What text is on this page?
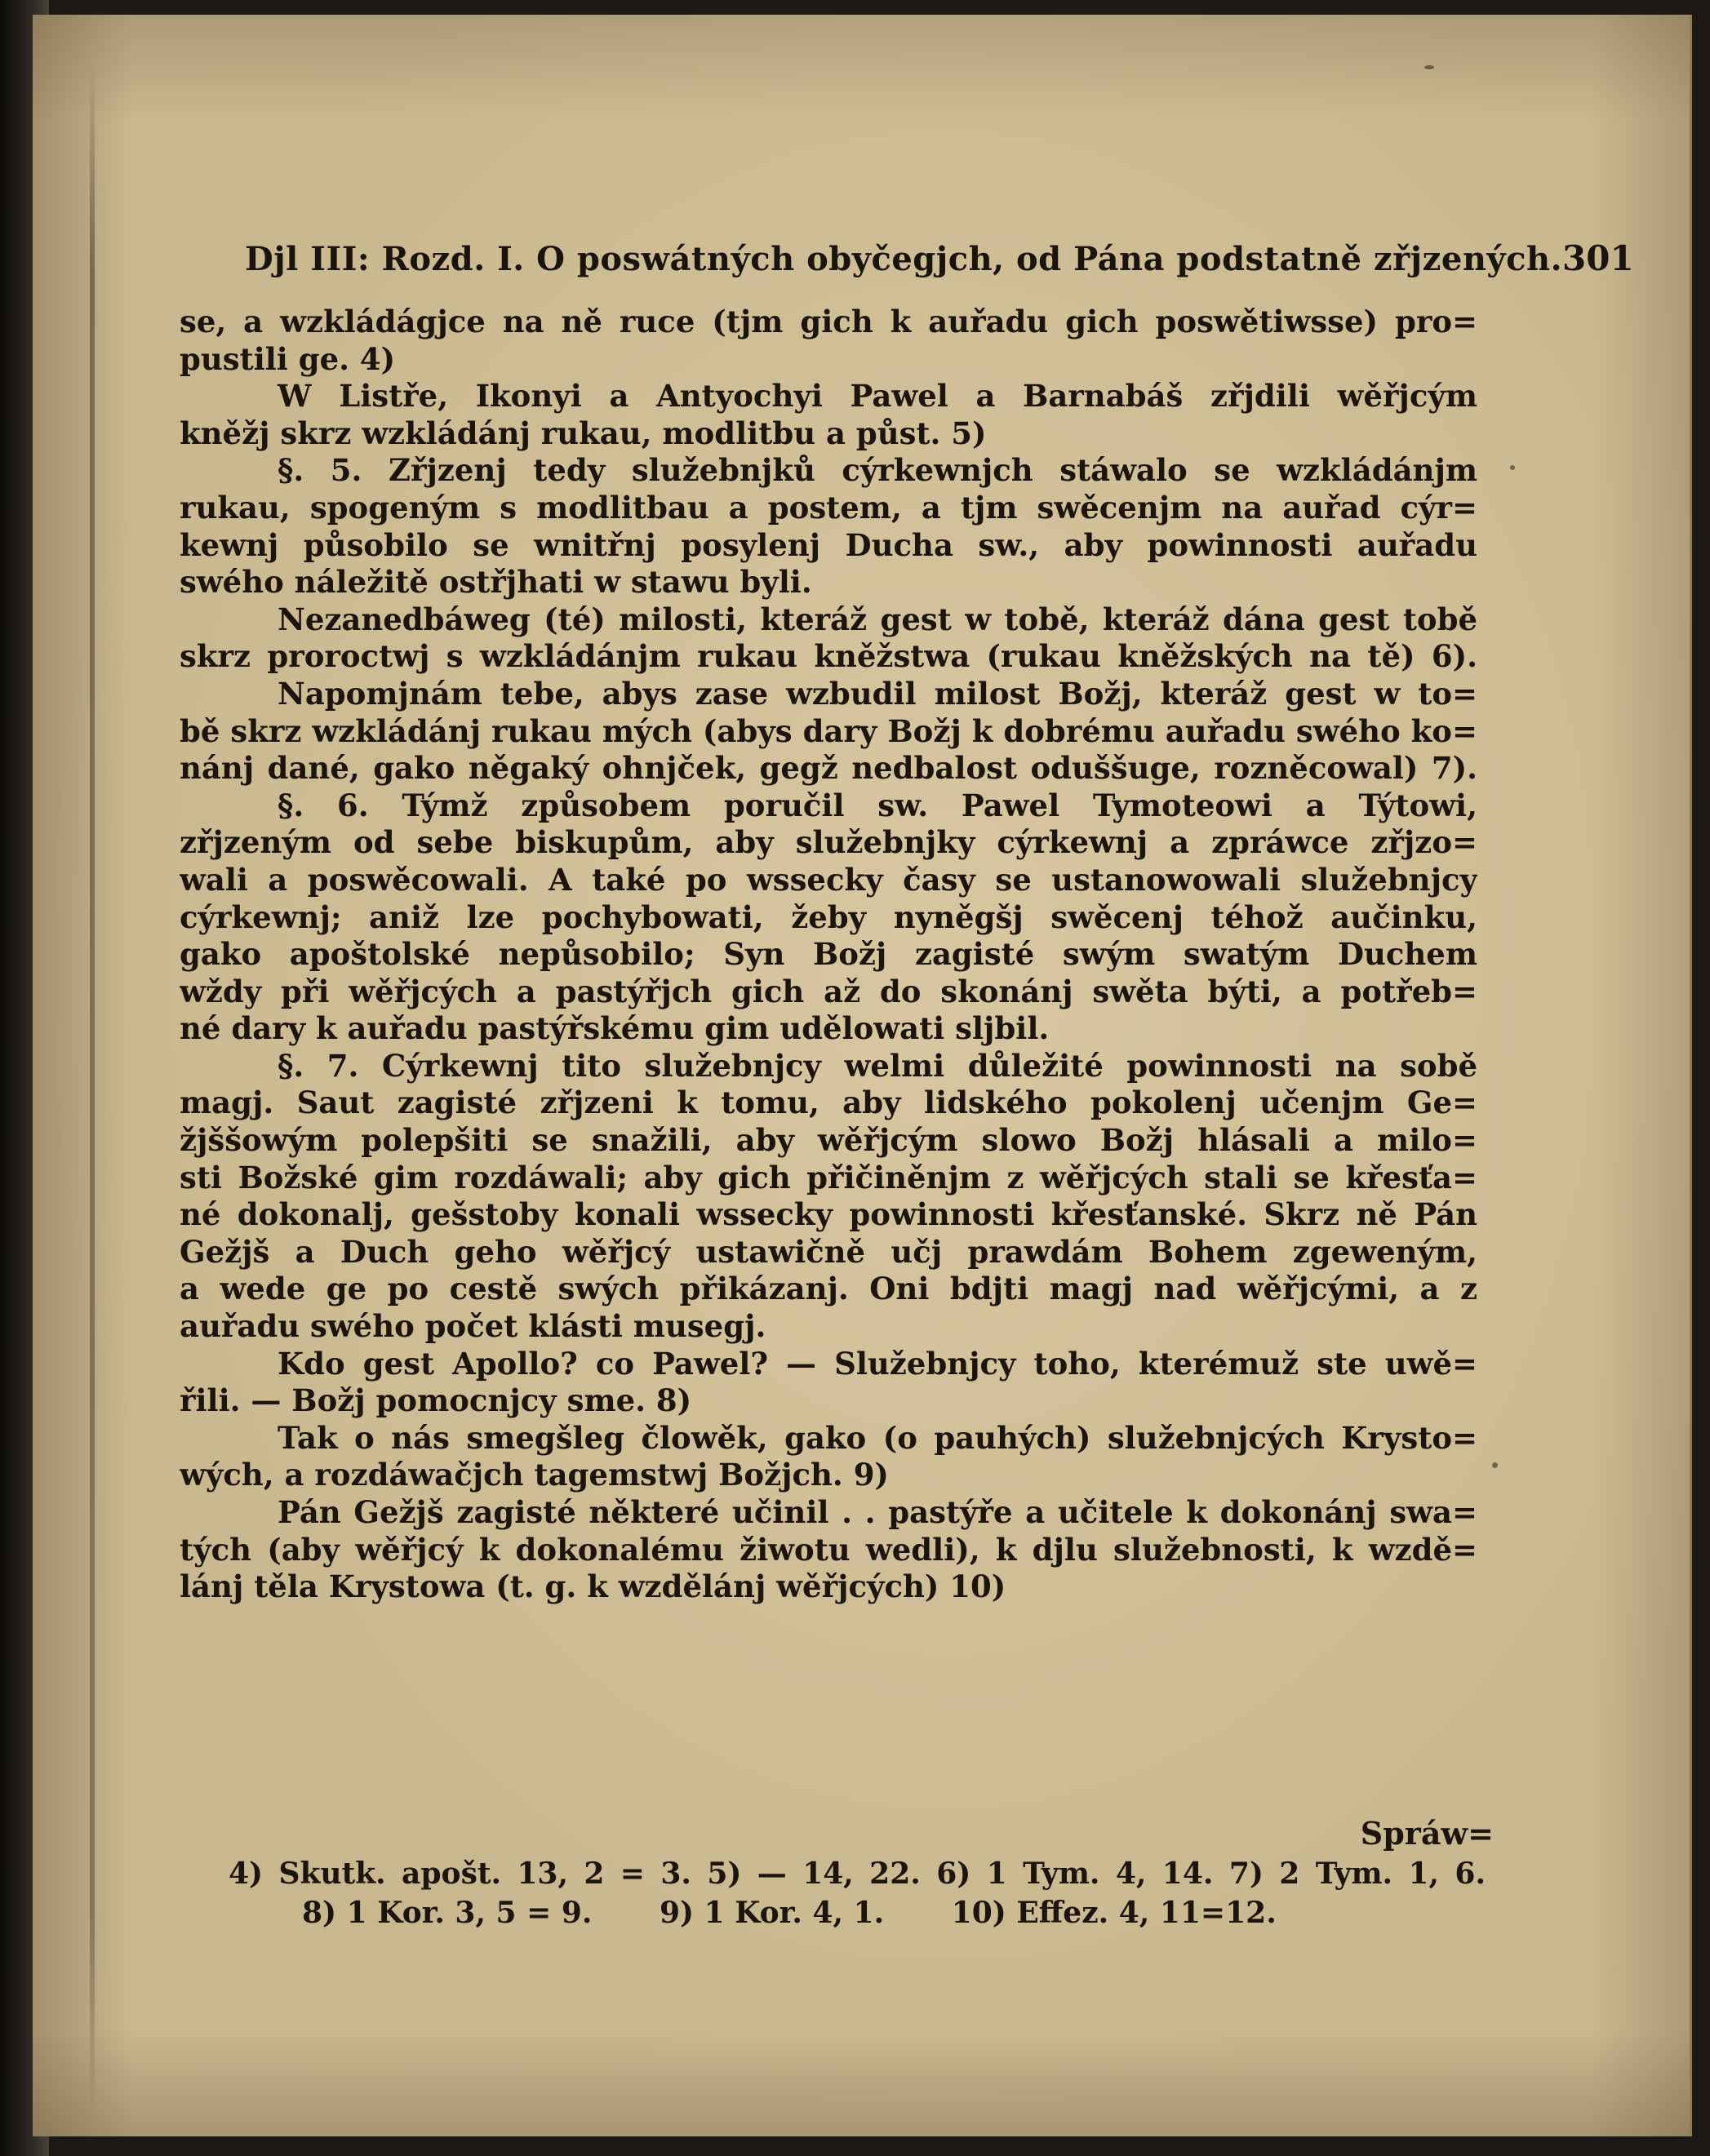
Djl III: Rozd. I. O poswátných obyčegjch, od Pána podstatně zřjzených. 301
se, a wzkládágjce na ně ruce (tjm gich k auřadu gich poswětiwsse) pro=
pustili ge. 4)
W Listře, Ikonyi a Antyochyi Pawel a Barnabáš zřjdili wěřjcým
kněžj skrz wzkládánj rukau, modlitbu a půst. 5)
§. 5. Zřjzenj tedy služebnjků cýrkewnjch stáwalo se wzkládánjm
rukau, spogeným s modlitbau a postem, a tjm swěcenjm na auřad cýr=
kewnj působilo se wnitřnj posylenj Ducha sw., aby powinnosti auřadu
swého náležitě ostřjhati w stawu byli.
Nezanedbáweg (té) milosti, kteráž gest w tobě, kteráž dána gest tobě
skrz proroctwj s wzkládánjm rukau kněžstwa (rukau kněžských na tě) 6).
Napomjnám tebe, abys zase wzbudil milost Božj, kteráž gest w to=
bě skrz wzkládánj rukau mých (abys dary Božj k dobrému auřadu swého ko=
nánj dané, gako něgaký ohnjček, gegž nedbalost oduššuge, rozněcowal) 7).
§. 6. Týmž způsobem poručil sw. Pawel Tymoteowi a Týtowi,
zřjzeným od sebe biskupům, aby služebnjky cýrkewnj a zpráwce zřjzo=
wali a poswěcowali. A také po wssecky časy se ustanowowali služebnjcy
cýrkewnj; aniž lze pochybowati, žeby nyněgšj swěcenj téhož aučinku,
gako apoštolské nepůsobilo; Syn Božj zagisté swým swatým Duchem
wždy při wěřjcých a pastýřjch gich až do skonánj swěta býti, a potřeb=
né dary k auřadu pastýřskému gim udělowati sljbil.
§. 7. Cýrkewnj tito služebnjcy welmi důležité powinnosti na sobě
magj. Saut zagisté zřjzeni k tomu, aby lidského pokolenj učenjm Ge=
žjššowým polepšiti se snažili, aby wěřjcým slowo Božj hlásali a milo=
sti Božské gim rozdáwali; aby gich přičiněnjm z wěřjcých stali se křesťa=
né dokonalj, gešstoby konali wssecky powinnosti křesťanské. Skrz ně Pán
Gežjš a Duch geho wěřjcý ustawičně učj prawdám Bohem zgeweným,
a wede ge po cestě swých přikázanj. Oni bdjti magj nad wěřjcými, a z
auřadu swého počet klásti musegj.
Kdo gest Apollo? co Pawel? — Služebnjcy toho, kterémuž ste uwě=
řili. — Božj pomocnjcy sme. 8)
Tak o nás smegšleg člowěk, gako (o pauhých) služebnjcých Krysto=
wých, a rozdáwačjch tagemstwj Božjch. 9)
Pán Gežjš zagisté některé učinil . . pastýře a učitele k dokonánj swa=
tých (aby wěřjcý k dokonalému žiwotu wedli), k djlu služebnosti, k wzdě=
lánj těla Krystowa (t. g. k wzdělánj wěřjcých) 10)
Spráw=
4) Skutk. apošt. 13, 2 = 3. 5) — 14, 22. 6) 1 Tym. 4, 14. 7) 2 Tym. 1, 6.
8) 1 Kor. 3, 5 = 9. 9) 1 Kor. 4, 1. 10) Effez. 4, 11=12.
